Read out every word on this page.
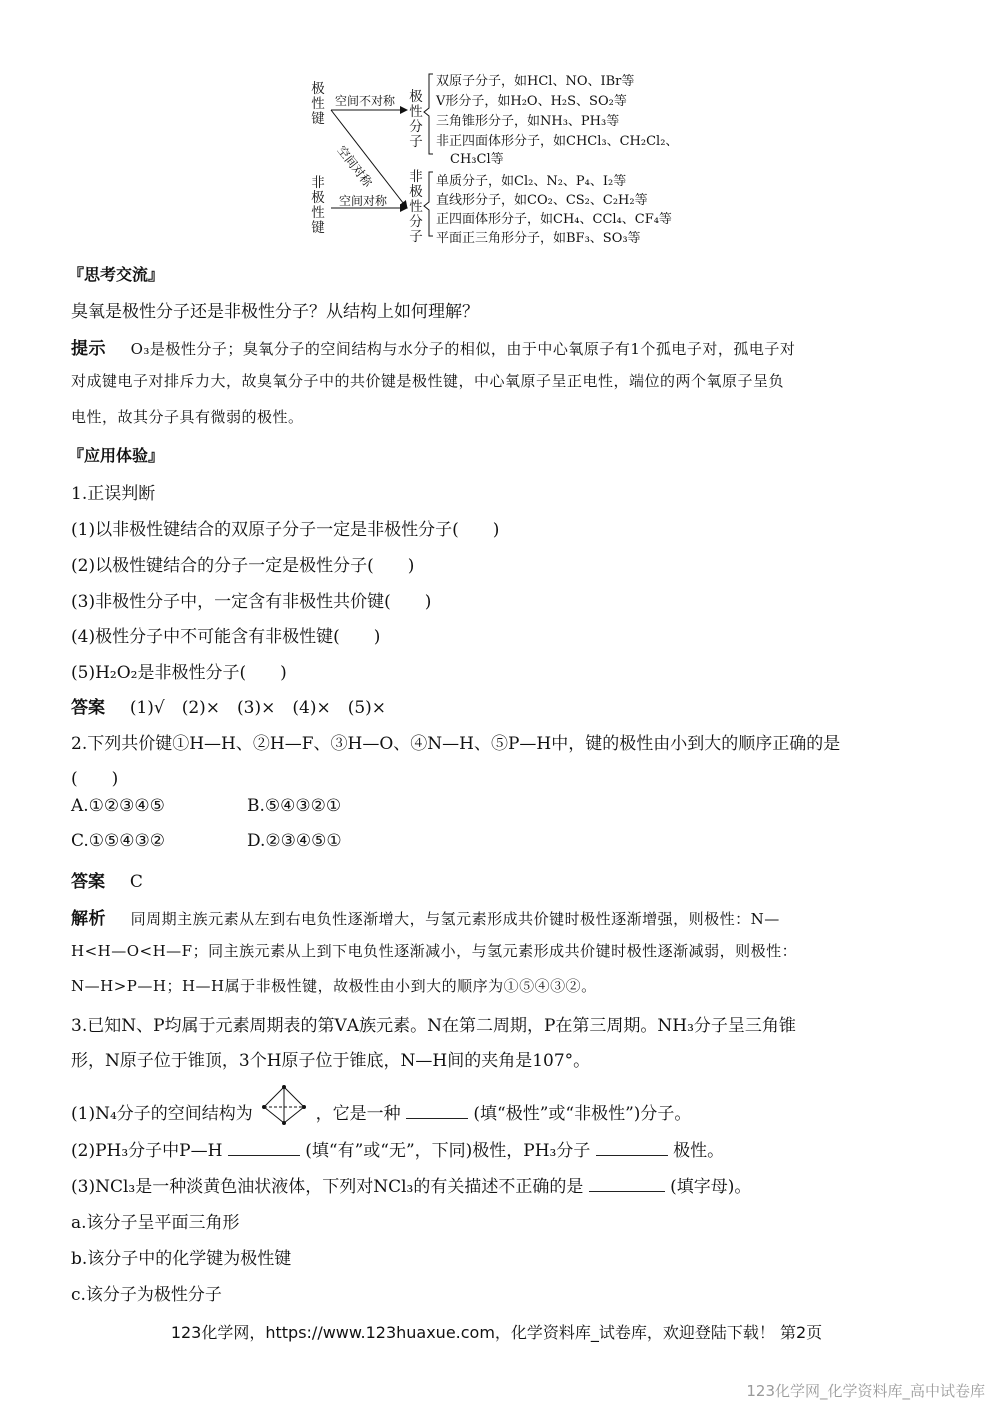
极性键
非极性键
极性分子
非极性分子
空间不对称
空间对称
空间对称
双原子分子，如HCl、NO、IBr等
V形分子，如H₂O、H₂S、SO₂等
三角锥形分子，如NH₃、PH₃等
非正四面体形分子，如CHCl₃、CH₂Cl₂、
CH₃Cl等
单质分子，如Cl₂、N₂、P₄、I₂等
直线形分子，如CO₂、CS₂、C₂H₂等
正四面体形分子，如CH₄、CCl₄、CF₄等
平面正三角形分子，如BF₃、SO₃等
『思考交流』
臭氧是极性分子还是非极性分子？从结构上如何理解？
提示 O₃是极性分子；臭氧分子的空间结构与水分子的相似，由于中心氧原子有1个孤电子对，孤电子对
对成键电子对排斥力大，故臭氧分子中的共价键是极性键，中心氧原子呈正电性，端位的两个氧原子呈负
电性，故其分子具有微弱的极性。
『应用体验』
1.正误判断
(1)以非极性键结合的双原子分子一定是非极性分子(　　)
(2)以极性键结合的分子一定是极性分子(　　)
(3)非极性分子中，一定含有非极性共价键(　　)
(4)极性分子中不可能含有非极性键(　　)
(5)H₂O₂是非极性分子(　　)
答案 (1)√　(2)×　(3)×　(4)×　(5)×
2.下列共价键①H—H、②H—F、③H—O、④N—H、⑤P—H中，键的极性由小到大的顺序正确的是
(　　)
A.①②③④⑤	B.⑤④③②①
C.①⑤④③②	D.②③④⑤①
答案 C
解析 同周期主族元素从左到右电负性逐渐增大，与氢元素形成共价键时极性逐渐增强，则极性：N—
H<H—O<H—F；同主族元素从上到下电负性逐渐减小，与氢元素形成共价键时极性逐渐减弱，则极性：
N—H>P—H；H—H属于非极性键，故极性由小到大的顺序为①⑤④③②。
3.已知N、P均属于元素周期表的第ⅤA族元素。N在第二周期，P在第三周期。NH₃分子呈三角锥
形，N原子位于锥顶，3个H原子位于锥底，N—H间的夹角是107°。
(1)N₄分子的空间结构为	，它是一种	(填“极性”或“非极性”)分子。
(2)PH₃分子中P—H	(填“有”或“无”，下同)极性，PH₃分子	极性。
(3)NCl₃是一种淡黄色油状液体，下列对NCl₃的有关描述不正确的是	(填字母)。
a.该分子呈平面三角形
b.该分子中的化学键为极性键
c.该分子为极性分子
123化学网，https://www.123huaxue.com，化学资料库_试卷库，欢迎登陆下载！ 第2页
123化学网_化学资料库_高中试卷库
